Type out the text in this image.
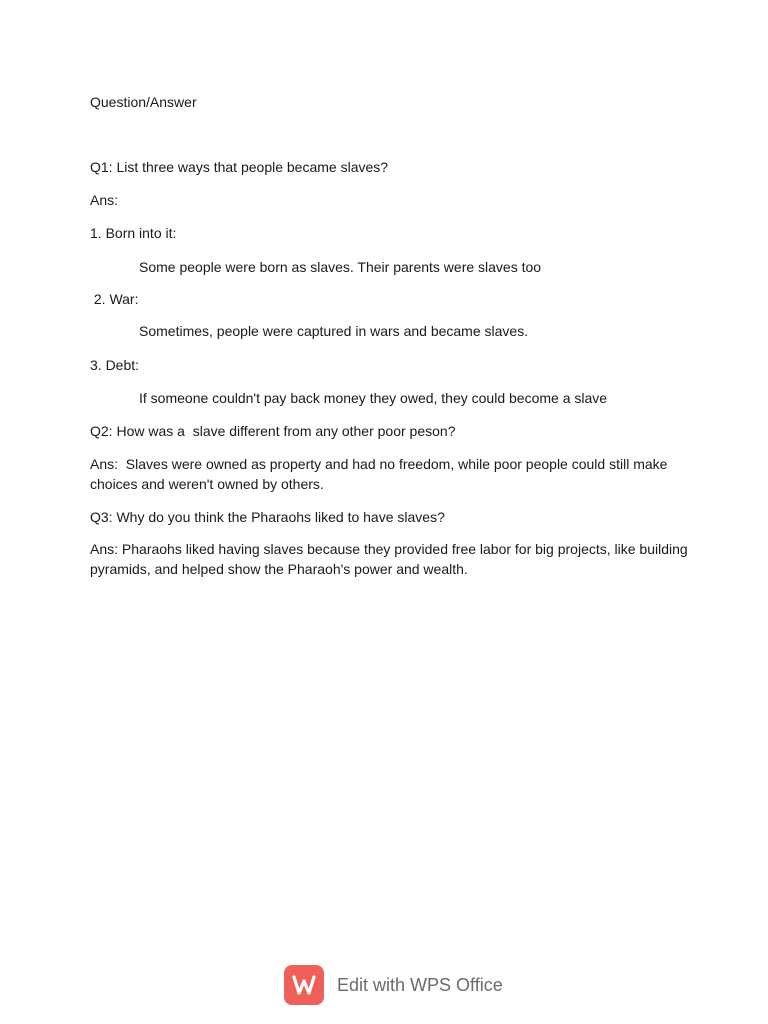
Question/Answer
Q1: List three ways that people became slaves?
Ans:
1. Born into it:
Some people were born as slaves. Their parents were slaves too
2. War:
Sometimes, people were captured in wars and became slaves.
3. Debt:
If someone couldn't pay back money they owed, they could become a slave
Q2: How was a  slave different from any other poor peson?
Ans:  Slaves were owned as property and had no freedom, while poor people could still make choices and weren't owned by others.
Q3: Why do you think the Pharaohs liked to have slaves?
Ans: Pharaohs liked having slaves because they provided free labor for big projects, like building pyramids, and helped show the Pharaoh's power and wealth.
Edit with WPS Office
